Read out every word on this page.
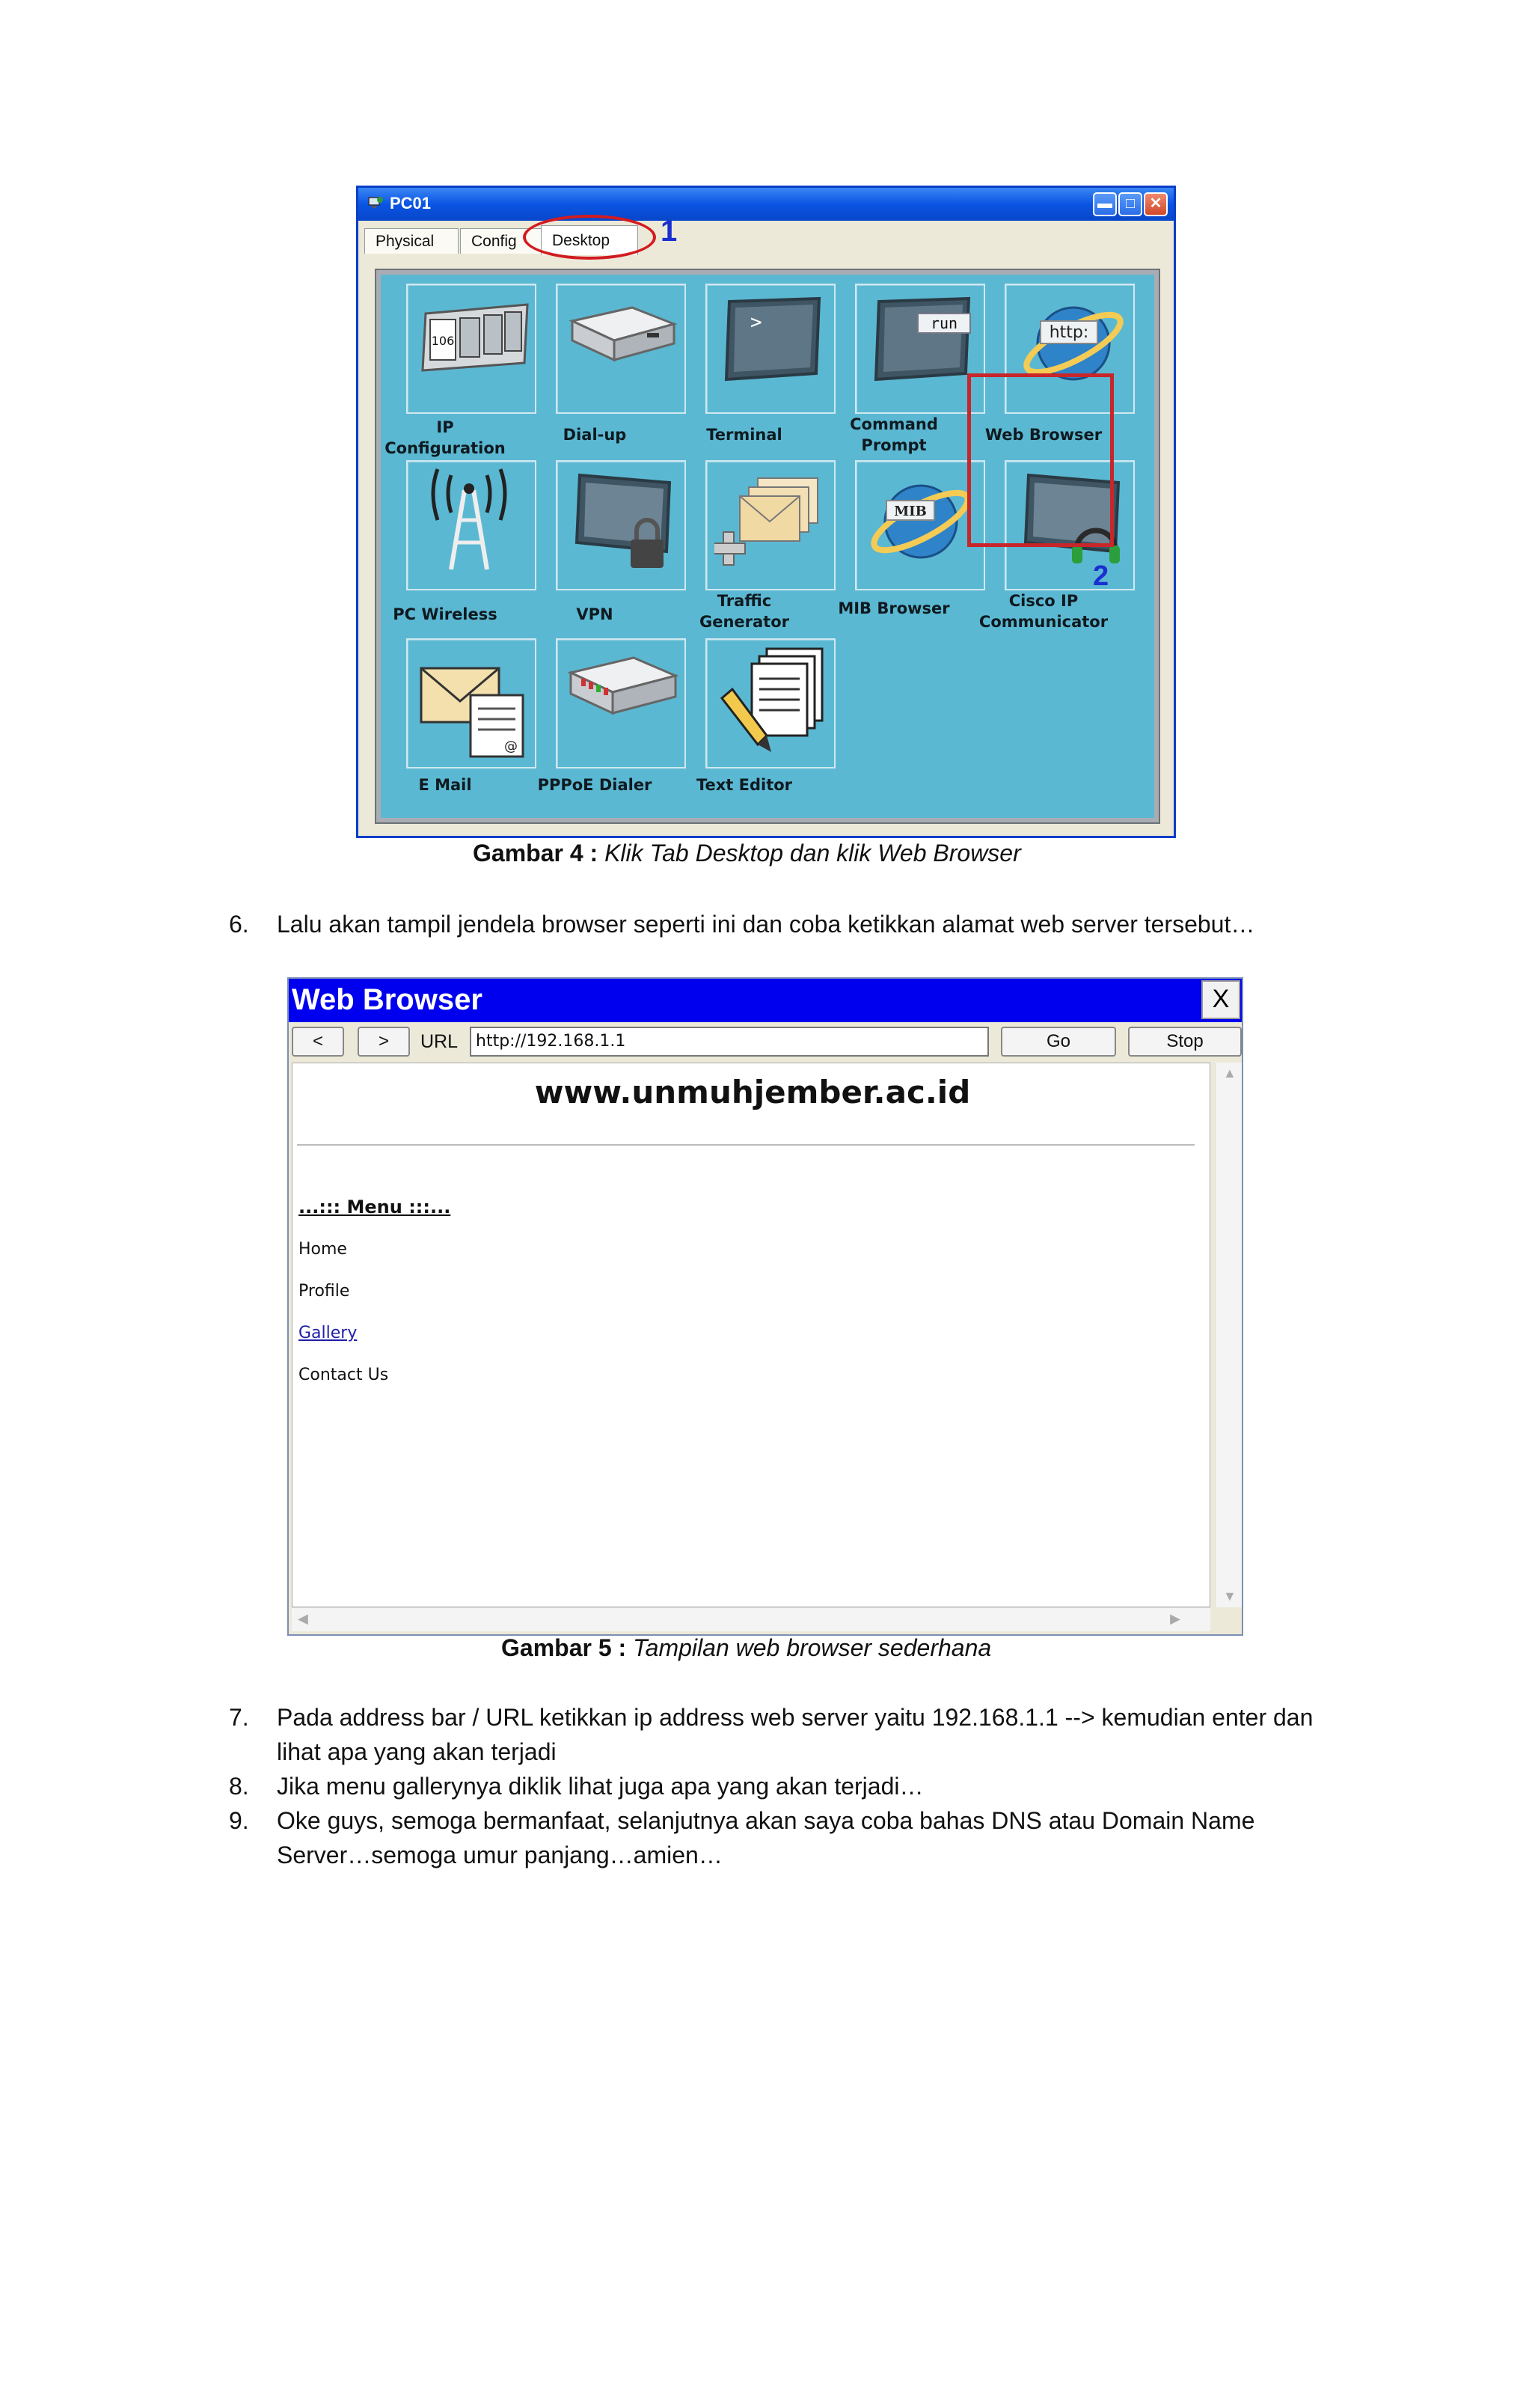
PC01	▬ □ ✕
Physical	Config	Desktop	1
106
IP
Configuration
Dial-up
>
Terminal
run
Command
Prompt
http:
Web Browser
PC Wireless	VPN
Traffic
Generator
MIB
MIB Browser	Cisco IP
Communicator
@
E Mail	PPPoE Dialer	Text Editor
2
Gambar 4 : Klik Tab Desktop dan klik Web Browser
6.	Lalu akan tampil jendela browser seperti ini dan coba ketikkan alamat web server tersebut…
Web Browser	X
<	>	URL	http://192.168.1.1	Go	Stop
www.unmuhjember.ac.id
...::: Menu :::...
Home
Profile
Gallery
Contact Us
▲
▼
◀	▶
Gambar 5 : Tampilan web browser sederhana
7.	Pada address bar / URL ketikkan ip address web server yaitu 192.168.1.1 --> kemudian enter dan lihat apa yang akan terjadi
8.	Jika menu gallerynya diklik lihat juga apa yang akan terjadi…
9.	Oke guys, semoga bermanfaat, selanjutnya akan saya coba bahas DNS atau Domain Name Server…semoga umur panjang…amien…
